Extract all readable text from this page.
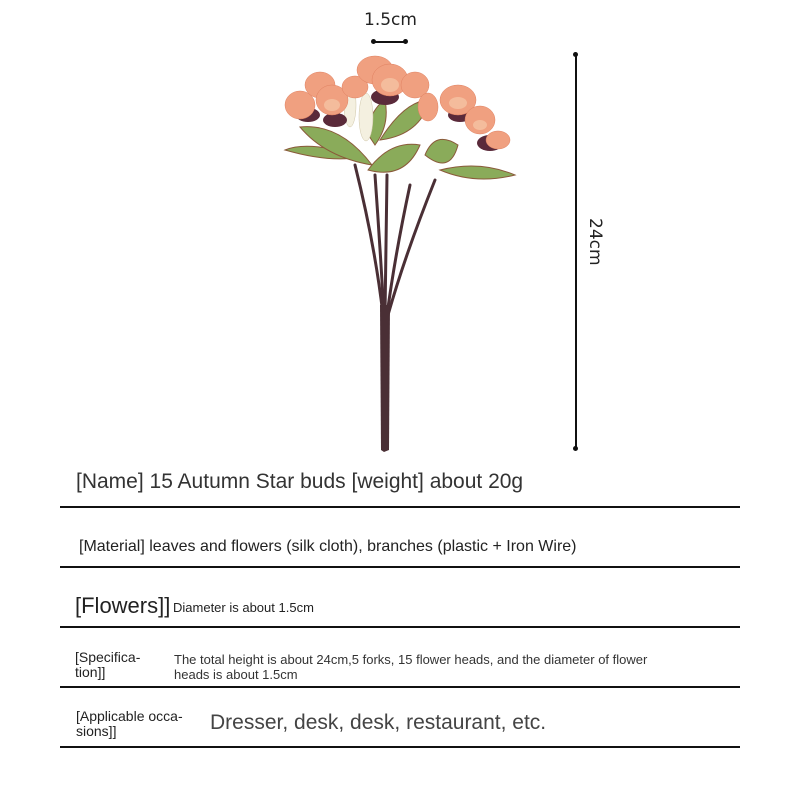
1.5cm
24cm
[Name] 15 Autumn Star buds [weight] about 20g
[Material] leaves and flowers (silk cloth), branches (plastic + Iron Wire)
[Flowers]] Diameter is about 1.5cm
[Specifica-
tion]]
The total height is about 24cm,5 forks, 15 flower heads, and the diameter of flower
heads is about 1.5cm
[Applicable occa-
sions]]	Dresser, desk, desk, restaurant, etc.
